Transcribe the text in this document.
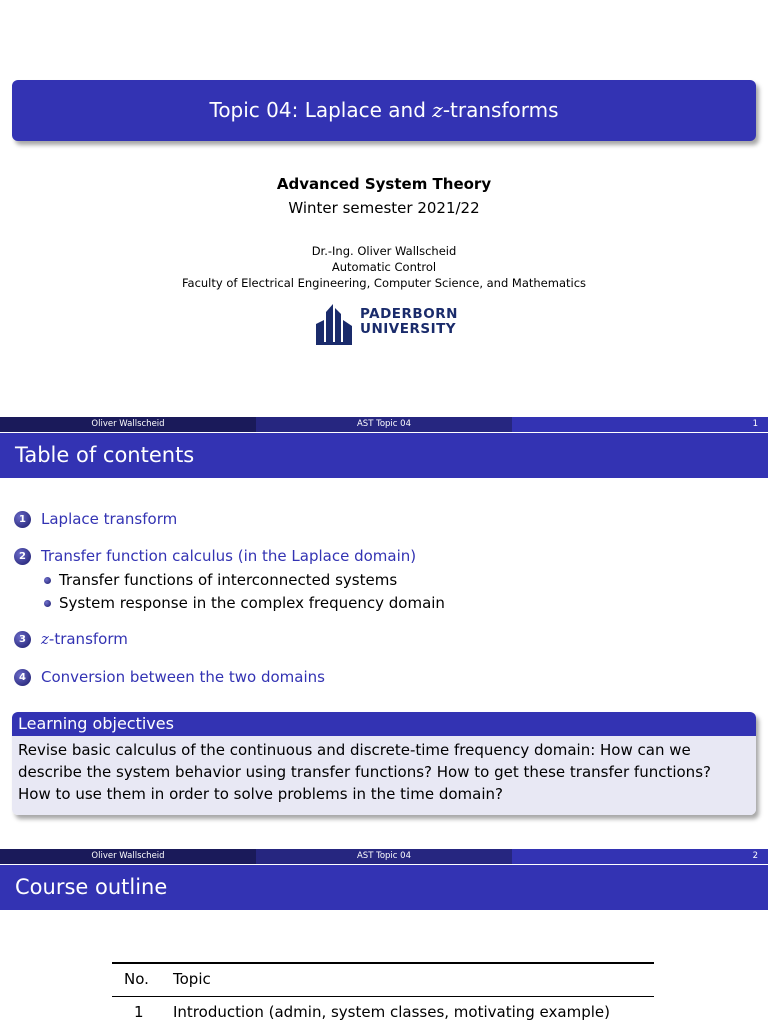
Topic 04: Laplace and z-transforms
Advanced System Theory
Winter semester 2021/22
Dr.-Ing. Oliver Wallscheid
Automatic Control
Faculty of Electrical Engineering, Computer Science, and Mathematics
PADERBORN
UNIVERSITY
Oliver Wallscheid	AST Topic 04	1
Table of contents
1	Laplace transform
2	Transfer function calculus (in the Laplace domain)
Transfer functions of interconnected systems
System response in the complex frequency domain
3	z-transform
4	Conversion between the two domains
Learning objectives
Revise basic calculus of the continuous and discrete-time frequency domain: How can we
describe the system behavior using transfer functions? How to get these transfer functions?
How to use them in order to solve problems in the time domain?
Oliver Wallscheid	AST Topic 04	2
Course outline
No. Topic
1 Introduction (admin, system classes, motivating example)
